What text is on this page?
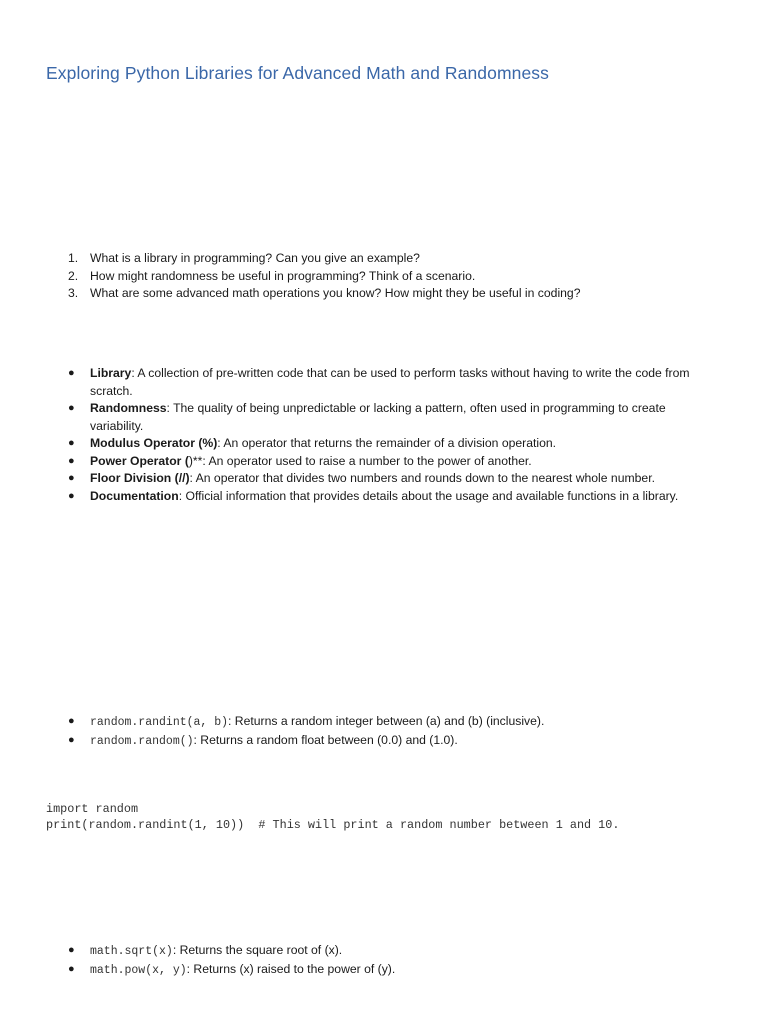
Exploring Python Libraries for Advanced Math and Randomness
1. What is a library in programming? Can you give an example?
2. How might randomness be useful in programming? Think of a scenario.
3. What are some advanced math operations you know? How might they be useful in coding?
● Library: A collection of pre-written code that can be used to perform tasks without having to write the code from scratch.
● Randomness: The quality of being unpredictable or lacking a pattern, often used in programming to create variability.
● Modulus Operator (%): An operator that returns the remainder of a division operation.
● Power Operator ()**: An operator used to raise a number to the power of another.
● Floor Division (//): An operator that divides two numbers and rounds down to the nearest whole number.
● Documentation: Official information that provides details about the usage and available functions in a library.
● random.randint(a, b): Returns a random integer between (a) and (b) (inclusive).
● random.random(): Returns a random float between (0.0) and (1.0).
import random
print(random.randint(1, 10))  # This will print a random number between 1 and 10.
● math.sqrt(x): Returns the square root of (x).
● math.pow(x, y): Returns (x) raised to the power of (y).
